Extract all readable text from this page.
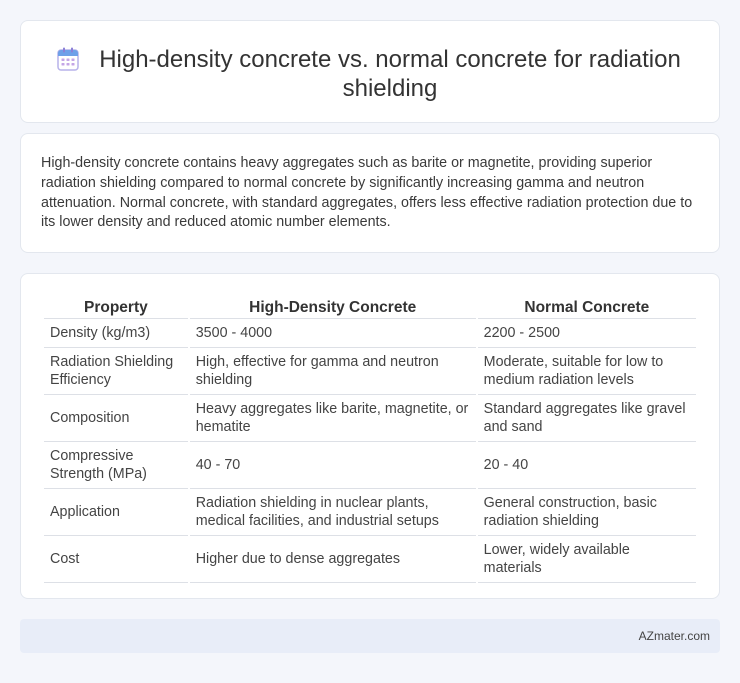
High-density concrete vs. normal concrete for radiation shielding

High-density concrete contains heavy aggregates such as barite or magnetite, providing superior radiation shielding compared to normal concrete by significantly increasing gamma and neutron attenuation. Normal concrete, with standard aggregates, offers less effective radiation protection due to its lower density and reduced atomic number elements.

Property	High-Density Concrete	Normal Concrete
Density (kg/m3)	3500 - 4000	2200 - 2500
Radiation Shielding Efficiency	High, effective for gamma and neutron shielding	Moderate, suitable for low to medium radiation levels
Composition	Heavy aggregates like barite, magnetite, or hematite	Standard aggregates like gravel and sand
Compressive Strength (MPa)	40 - 70	20 - 40
Application	Radiation shielding in nuclear plants, medical facilities, and industrial setups	General construction, basic radiation shielding
Cost	Higher due to dense aggregates	Lower, widely available materials
AZmater.com
